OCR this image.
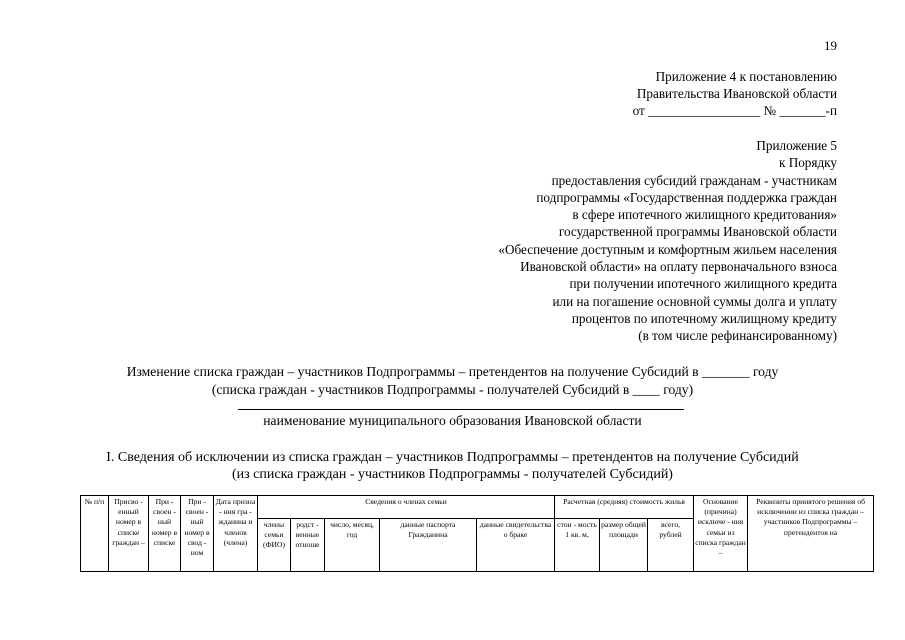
19
Приложение 4 к постановлению
Правительства Ивановской области
от _________________ № _______-п
Приложение 5
к Порядку
предоставления субсидий гражданам - участникам
подпрограммы «Государственная поддержка граждан
в сфере ипотечного жилищного кредитования»
государственной программы Ивановской области
«Обеспечение доступным и комфортным жильем населения
Ивановской области» на оплату первоначального взноса
при получении ипотечного жилищного кредита
или на погашение основной суммы долга и уплату
процентов по ипотечному жилищному кредиту
(в том числе рефинансированному)
Изменение списка граждан – участников Подпрограммы – претендентов на получение Субсидий в _______ году
(списка граждан - участников Подпрограммы - получателей Субсидий в ____ году)
наименование муниципального образования Ивановской области
I. Сведения об исключении из списка граждан – участников Подпрограммы – претендентов на получение Субсидий
(из списка граждан - участников Подпрограммы - получателей Субсидий)
№ п/п	Присво - енный номер в списке граждан –	При - своен - ный номер в списке	При - своен - ный номер в свод - ном	Дата призна - ния гра - жданина и членов (члена)	Сведения о членах семьи					Расчетная (средняя) стоимость жилья			Основание (причина) исключе - ния семьи из списка граждан –	Реквизиты принятого решения об исключении из списка граждан – участников Подпрограммы – претендентов на

					члены семьи (ФИО)	родст - венные отноше	число, месяц, год	данные паспорта Гражданина	данные свидетельства о браке	стои - мость 1 кв. м,	размер общей площади	всего, рублей		
